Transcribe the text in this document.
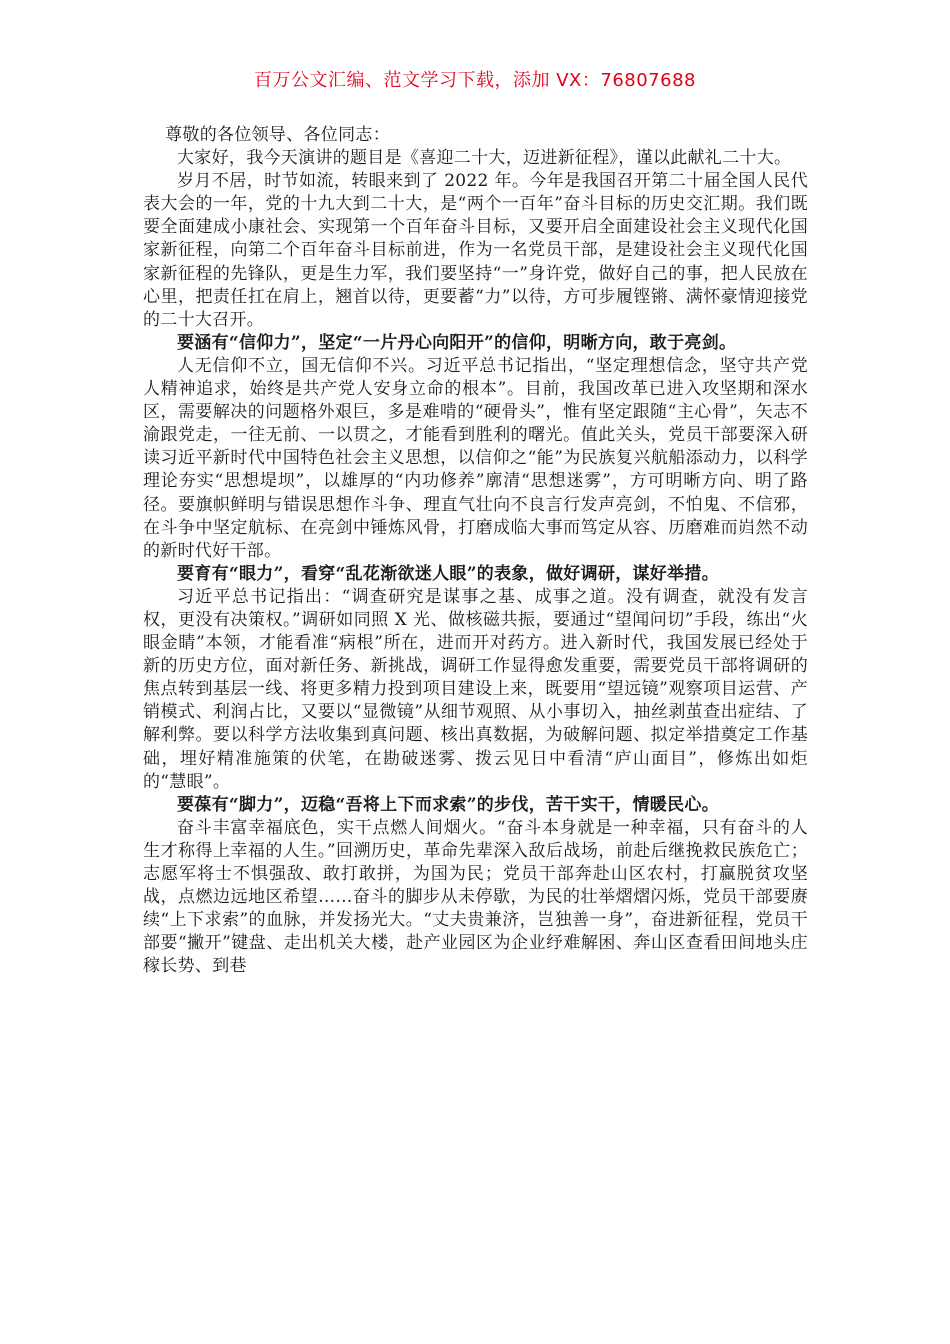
百万公文汇编、范文学习下载，添加 VX：76807688

尊敬的各位领导、各位同志：

大家好，我今天演讲的题目是《喜迎二十大，迈进新征程》，谨以此献礼二十大。

岁月不居，时节如流，转眼来到了 2022 年。今年是我国召开第二十届全国人民代表大会的一年，党的十九大到二十大，是“两个一百年”奋斗目标的历史交汇期。我们既要全面建成小康社会、实现第一个百年奋斗目标，又要开启全面建设社会主义现代化国家新征程，向第二个百年奋斗目标前进，作为一名党员干部，是建设社会主义现代化国家新征程的先锋队，更是生力军，我们要坚持“一”身许党，做好自己的事，把人民放在心里，把责任扛在肩上，翘首以待，更要蓄“力”以待，方可步履铿锵、满怀豪情迎接党的二十大召开。

要涵有“信仰力”，坚定“一片丹心向阳开”的信仰，明晰方向，敢于亮剑。

人无信仰不立，国无信仰不兴。习近平总书记指出，“坚定理想信念，坚守共产党人精神追求，始终是共产党人安身立命的根本”。目前，我国改革已进入攻坚期和深水区，需要解决的问题格外艰巨，多是难啃的“硬骨头”，惟有坚定跟随“主心骨”，矢志不渝跟党走，一往无前、一以贯之，才能看到胜利的曙光。值此关头，党员干部要深入研读习近平新时代中国特色社会主义思想，以信仰之“能”为民族复兴航船添动力，以科学理论夯实“思想堤坝”，以雄厚的“内功修养”廓清“思想迷雾”，方可明晰方向、明了路径。要旗帜鲜明与错误思想作斗争、理直气壮向不良言行发声亮剑，不怕鬼、不信邪，在斗争中坚定航标、在亮剑中锤炼风骨，打磨成临大事而笃定从容、历磨难而岿然不动的新时代好干部。

要育有“眼力”，看穿“乱花渐欲迷人眼”的表象，做好调研，谋好举措。

习近平总书记指出：“调查研究是谋事之基、成事之道。没有调查，就没有发言权，更没有决策权。”调研如同照 X 光、做核磁共振，要通过“望闻问切”手段，练出“火眼金睛”本领，才能看准“病根”所在，进而开对药方。进入新时代，我国发展已经处于新的历史方位，面对新任务、新挑战，调研工作显得愈发重要，需要党员干部将调研的焦点转到基层一线、将更多精力投到项目建设上来，既要用“望远镜”观察项目运营、产销模式、利润占比，又要以“显微镜”从细节观照、从小事切入，抽丝剥茧查出症结、了解利弊。要以科学方法收集到真问题、核出真数据，为破解问题、拟定举措奠定工作基础，埋好精准施策的伏笔，在勘破迷雾、拨云见日中看清“庐山面目”，修炼出如炬的“慧眼”。

要葆有“脚力”，迈稳“吾将上下而求索”的步伐，苦干实干，情暖民心。

奋斗丰富幸福底色，实干点燃人间烟火。“奋斗本身就是一种幸福，只有奋斗的人生才称得上幸福的人生。”回溯历史，革命先辈深入敌后战场，前赴后继挽救民族危亡；志愿军将士不惧强敌、敢打敢拼，为国为民；党员干部奔赴山区农村，打赢脱贫攻坚战，点燃边远地区希望……奋斗的脚步从未停歇，为民的壮举熠熠闪烁，党员干部要赓续“上下求索”的血脉，并发扬光大。“丈夫贵兼济，岂独善一身”，奋进新征程，党员干部要“撇开”键盘、走出机关大楼，赴产业园区为企业纾难解困、奔山区查看田间地头庄稼长势、到巷
